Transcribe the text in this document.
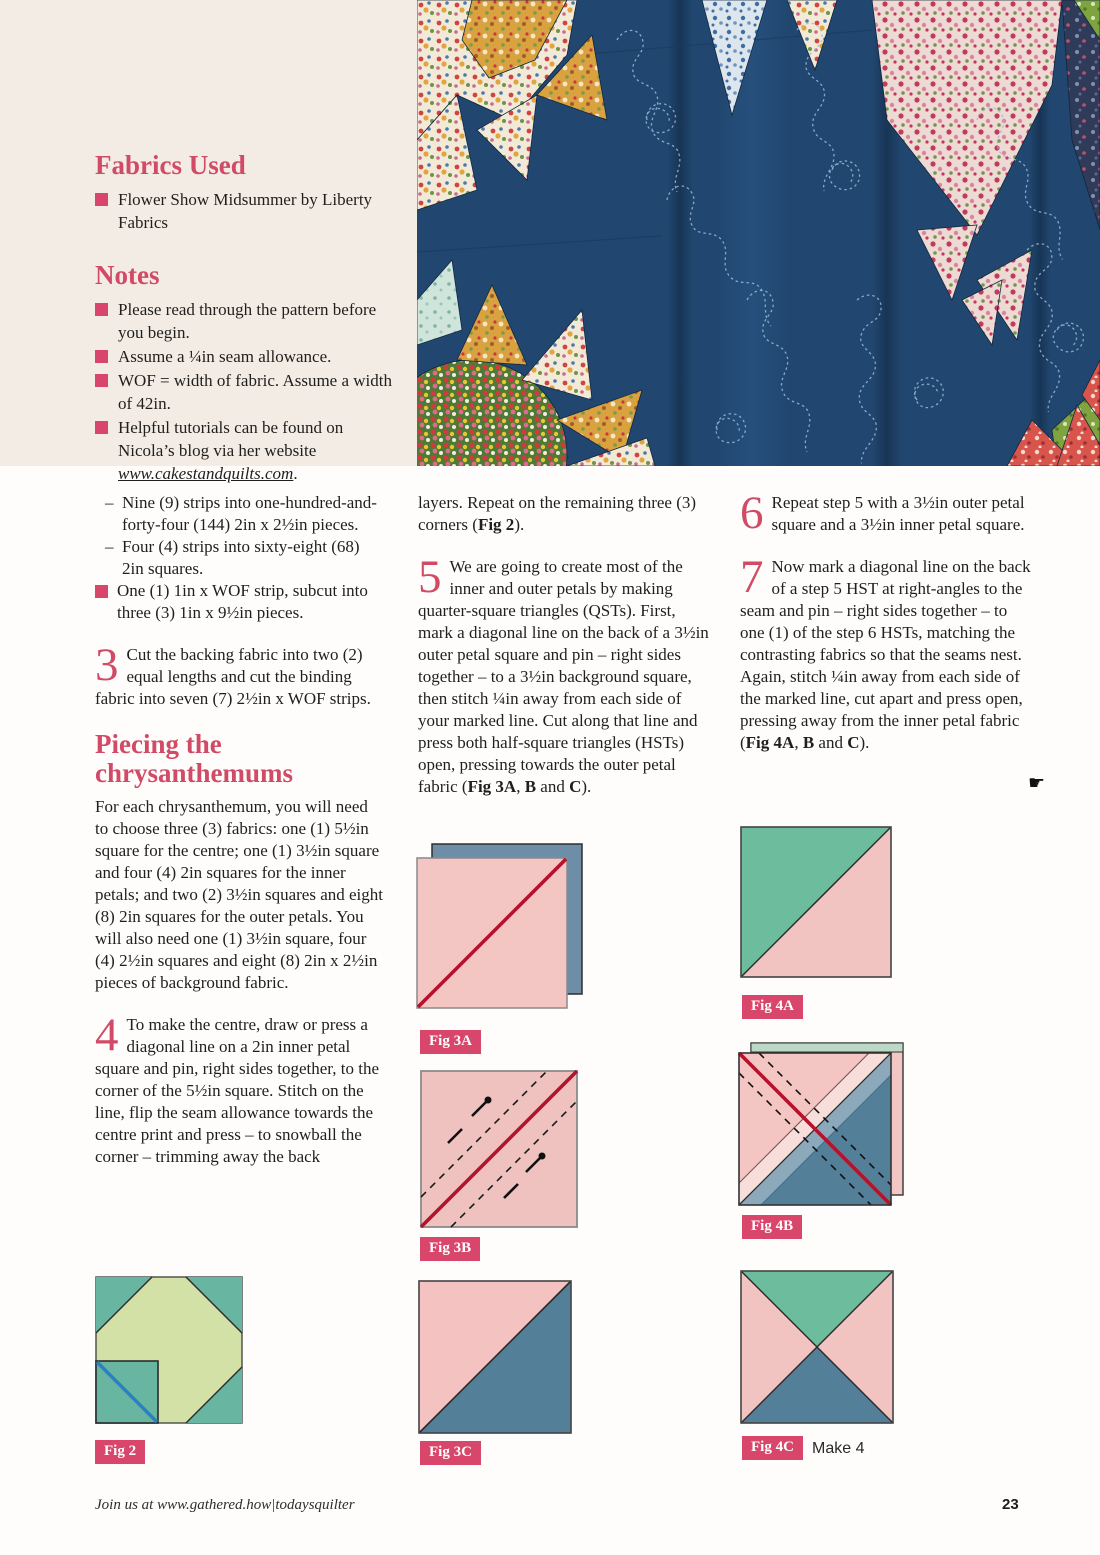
Fabrics Used
Flower Show Midsummer by Liberty Fabrics
Notes
Please read through the pattern before you begin.
Assume a ¼in seam allowance.
WOF = width of fabric. Assume a width of 42in.
Helpful tutorials can be found on Nicola’s blog via her website www.cakestandquilts.com.
– Nine (9) strips into one-hundred-and-forty-four (144) 2in x 2½in pieces.
– Four (4) strips into sixty-eight (68) 2in squares.
One (1) 1in x WOF strip, subcut into three (3) 1in x 9½in pieces.

3 Cut the backing fabric into two (2) equal lengths and cut the binding fabric into seven (7) 2½in x WOF strips.

Piecing the chrysanthemums

For each chrysanthemum, you will need to choose three (3) fabrics: one (1) 5½in square for the centre; one (1) 3½in square and four (4) 2in squares for the inner petals; and two (2) 3½in squares and eight (8) 2in squares for the outer petals. You will also need one (1) 3½in square, four (4) 2½in squares and eight (8) 2in x 2½in pieces of background fabric.

4 To make the centre, draw or press a diagonal line on a 2in inner petal square and pin, right sides together, to the corner of the 5½in square. Stitch on the line, flip the seam allowance towards the centre print and press – to snowball the corner – trimming away the back

layers. Repeat on the remaining three (3) corners (Fig 2).

5 We are going to create most of the inner and outer petals by making quarter-square triangles (QSTs). First, mark a diagonal line on the back of a 3½in outer petal square and pin – right sides together – to a 3½in background square, then stitch ¼in away from each side of your marked line. Cut along that line and press both half-square triangles (HSTs) open, pressing towards the outer petal fabric (Fig 3A, B and C).

6 Repeat step 5 with a 3½in outer petal square and a 3½in inner petal square.

7 Now mark a diagonal line on the back of a step 5 HST at right-angles to the seam and pin – right sides together – to one (1) of the step 6 HSTs, matching the contrasting fabrics so that the seams nest. Again, stitch ¼in away from each side of the marked line, cut apart and press open, pressing away from the inner petal fabric (Fig 4A, B and C).

☛
Fig 2
Fig 3A
Fig 3B
Fig 3C
Fig 4A
Fig 4B
Fig 4C	Make 4
Join us at www.gathered.how|todaysquilter	23
